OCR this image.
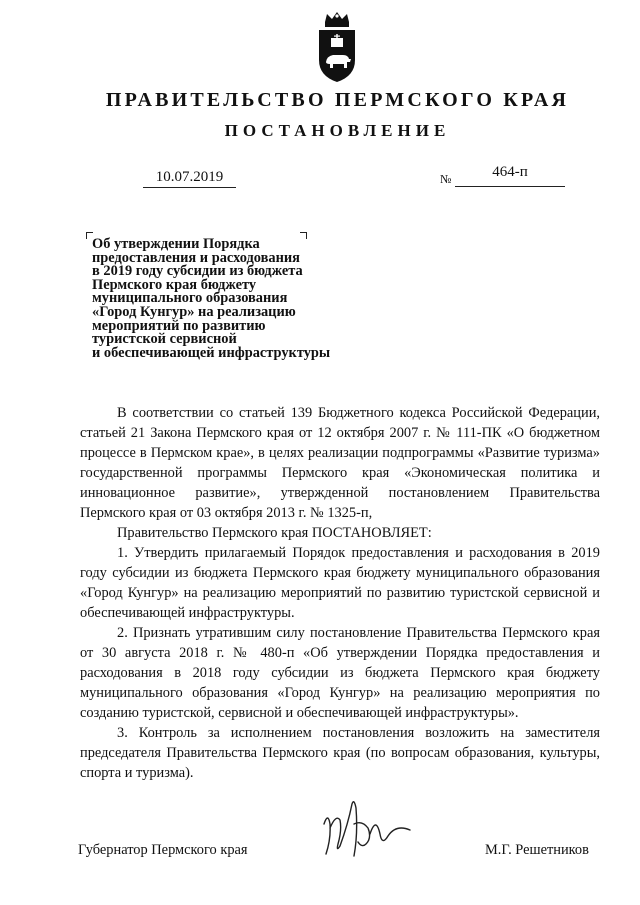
ПРАВИТЕЛЬСТВО ПЕРМСКОГО КРАЯ
ПОСТАНОВЛЕНИЕ
10.07.2019	№	464-п
Об утверждении Порядка
предоставления и расходования
в 2019 году субсидии из бюджета
Пермского края бюджету
муниципального образования
«Город Кунгур» на реализацию
мероприятий по развитию
туристской сервисной
и обеспечивающей инфраструктуры

В соответствии со статьей 139 Бюджетного кодекса Российской Федерации, статьей 21 Закона Пермского края от 12 октября 2007 г. № 111-ПК «О бюджетном процессе в Пермском крае», в целях реализации подпрограммы «Развитие туризма» государственной программы Пермского края «Экономическая политика и инновационное развитие», утвержденной постановлением Правительства Пермского края от 03 октября 2013 г. № 1325-п,

Правительство Пермского края ПОСТАНОВЛЯЕТ:

1. Утвердить прилагаемый Порядок предоставления и расходования в 2019 году субсидии из бюджета Пермского края бюджету муниципального образования «Город Кунгур» на реализацию мероприятий по развитию туристской сервисной и обеспечивающей инфраструктуры.

2. Признать утратившим силу постановление Правительства Пермского края от 30 августа 2018 г. № 480-п «Об утверждении Порядка предоставления и расходования в 2018 году субсидии из бюджета Пермского края бюджету муниципального образования «Город Кунгур» на реализацию мероприятия по созданию туристской, сервисной и обеспечивающей инфраструктуры».

3. Контроль за исполнением постановления возложить на заместителя председателя Правительства Пермского края (по вопросам образования, культуры, спорта и туризма).

Губернатор Пермского края	М.Г. Решетников
